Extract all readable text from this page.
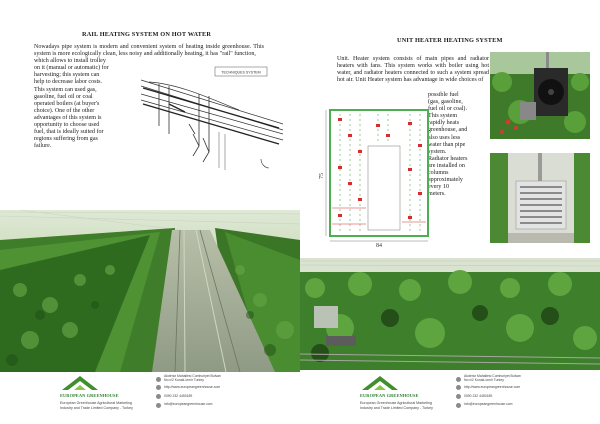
RAIL HEATING SYSTEM ON HOT WATER
Nowadays pipe system is modern and convenient system of heating inside greenhouse. This system is more ecologically clean, less noisy and additionally heating, it has "rail" function,
which allows to install trolley
on it (manual or automatic) for
harvesting; this system can
help to decrease labor costs.
This system can used gas,
gasoline, fuel oil or coal
operated boilers (at buyer's
choice). One of the other
advantages of this system is
opportunity to choose used
fuel, that is ideally suited for
regions suffering from gas
failure.
TECHNIQUES SYSTEM
UNIT HEATER HEATING SYSTEM
Unit. Heater system consists of main pipes and radiator heaters with fans. This system works with boiler using hot water, and radiator heaters connected to such a system spread hot air. Unit Heater system has advantage in wide choices of

possible fuel

(gas, gasoline,

fuel oil or coal).

This system

rapidly heats

greenhouse, and

also uses less

water than pipe

system.

Radiator heaters

are installed on

columns

approximately

every 10

meters.

75
84
EUROPEAN GREENHOUSE
European Greenhouse Agricultural Marketing
Industry and Trade Limited Company - Turkey
Akdeniz Mahallesi Cumhuriyet Bulvarı
No:x/2 Konak-İzmir Turkey
http://www.europeangreenhouse.com
0090 232 4450189
info@europeangreenhouse.com
EUROPEAN GREENHOUSE
European Greenhouse Agricultural Marketing
Industry and Trade Limited Company - Turkey
Akdeniz Mahallesi Cumhuriyet Bulvarı
No:x/2 Konak-İzmir Turkey
http://www.europeangreenhouse.com
0090 232 4450189
info@europeangreenhouse.com
